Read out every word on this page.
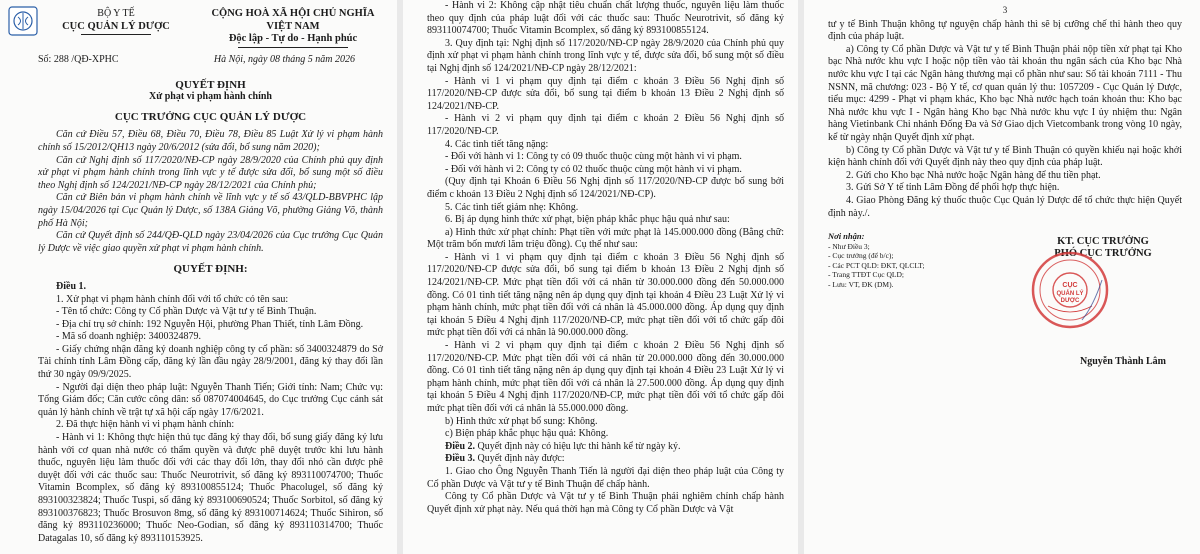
BỘ Y TẾ
CỤC QUẢN LÝ DƯỢC
CỘNG HOÀ XÃ HỘI CHỦ NGHĨA VIỆT NAM
Độc lập - Tự do - Hạnh phúc
Số: 288 /QĐ-XPHC	Hà Nội, ngày 08 tháng 5 năm 2026
QUYẾT ĐỊNH
Xử phạt vi phạm hành chính
CỤC TRƯỞNG CỤC QUẢN LÝ DƯỢC

Căn cứ Điều 57, Điều 68, Điều 70, Điều 78, Điều 85 Luật Xử lý vi phạm hành chính số 15/2012/QH13 ngày 20/6/2012 (sửa đổi, bổ sung năm 2020);

Căn cứ Nghị định số 117/2020/NĐ-CP ngày 28/9/2020 của Chính phủ quy định xử phạt vi phạm hành chính trong lĩnh vực y tế được sửa đổi, bổ sung một số điều theo Nghị định số 124/2021/NĐ-CP ngày 28/12/2021 của Chính phủ;

Căn cứ Biên bản vi phạm hành chính về lĩnh vực y tế số 43/QLD-BBVPHC lập ngày 15/04/2026 tại Cục Quản lý Dược, số 138A Giảng Võ, phường Giảng Võ, thành phố Hà Nội;

Căn cứ Quyết định số 244/QĐ-QLD ngày 23/04/2026 của Cục trưởng Cục Quản lý Dược về việc giao quyền xử phạt vi phạm hành chính.

QUYẾT ĐỊNH:

Điều 1.

1. Xử phạt vi phạm hành chính đối với tổ chức có tên sau:

- Tên tổ chức: Công ty Cổ phần Dược và Vật tư y tế Bình Thuận.

- Địa chỉ trụ sở chính: 192 Nguyễn Hội, phường Phan Thiết, tỉnh Lâm Đồng.

- Mã số doanh nghiệp: 3400324879.

- Giấy chứng nhận đăng ký doanh nghiệp công ty cổ phần: số 3400324879 do Sở Tài chính tỉnh Lâm Đồng cấp, đăng ký lần đầu ngày 28/9/2001, đăng ký thay đổi lần thứ 30 ngày 09/9/2025.

- Người đại diện theo pháp luật: Nguyễn Thanh Tiến; Giới tính: Nam; Chức vụ: Tổng Giám đốc; Căn cước công dân: số 087074004645, do Cục trưởng Cục cảnh sát quản lý hành chính về trật tự xã hội cấp ngày 17/6/2021.

2. Đã thực hiện hành vi vi phạm hành chính:

- Hành vi 1: Không thực hiện thủ tục đăng ký thay đổi, bổ sung giấy đăng ký lưu hành với cơ quan nhà nước có thẩm quyền và được phê duyệt trước khi lưu hành thuốc, nguyên liệu làm thuốc đối với các thay đổi lớn, thay đổi nhỏ cần được phê duyệt đối với các thuốc sau: Thuốc Neurotrivit, số đăng ký 893110074700; Thuốc Vitamin Bcomplex, số đăng ký 893100855124; Thuốc Phacolugel, số đăng ký 893100323824; Thuốc Tuspi, số đăng ký 893100690524; Thuốc Sorbitol, số đăng ký 893100376823; Thuốc Brosuvon 8mg, số đăng ký 893100714624; Thuốc Sihiron, số đăng ký 893110236000; Thuốc Neo-Godian, số đăng ký 893110314700; Thuốc Datagalas 10, số đăng ký 893110153925.

- Hành vi 2: Không cập nhật tiêu chuẩn chất lượng thuốc, nguyên liệu làm thuốc theo quy định của pháp luật đối với các thuốc sau: Thuốc Neurotrivit, số đăng ký 893110074700; Thuốc Vitamin Bcomplex, số đăng ký 893100855124.

3. Quy định tại: Nghị định số 117/2020/NĐ-CP ngày 28/9/2020 của Chính phủ quy định xử phạt vi phạm hành chính trong lĩnh vực y tế, được sửa đổi, bổ sung một số điều tại Nghị định số 124/2021/NĐ-CP ngày 28/12/2021:

- Hành vi 1 vi phạm quy định tại điểm c khoản 3 Điều 56 Nghị định số 117/2020/NĐ-CP được sửa đổi, bổ sung tại điểm b khoản 13 Điều 2 Nghị định số 124/2021/NĐ-CP.

- Hành vi 2 vi phạm quy định tại điểm c khoản 2 Điều 56 Nghị định số 117/2020/NĐ-CP.

4. Các tình tiết tăng nặng:

- Đối với hành vi 1: Công ty có 09 thuốc thuộc cùng một hành vi vi phạm.

- Đối với hành vi 2: Công ty có 02 thuốc thuộc cùng một hành vi vi phạm.

(Quy định tại Khoản 6 Điều 56 Nghị định số 117/2020/NĐ-CP được bổ sung bởi điểm c khoản 13 Điều 2 Nghị định số 124/2021/NĐ-CP).

5. Các tình tiết giảm nhẹ: Không.

6. Bị áp dụng hình thức xử phạt, biện pháp khắc phục hậu quả như sau:

a) Hình thức xử phạt chính: Phạt tiền với mức phạt là 145.000.000 đồng (Bằng chữ: Một trăm bốn mươi lăm triệu đồng). Cụ thể như sau:

- Hành vi 1 vi phạm quy định tại điểm c khoản 3 Điều 56 Nghị định số 117/2020/NĐ-CP được sửa đổi, bổ sung tại điểm b khoản 13 Điều 2 Nghị định số 124/2021/NĐ-CP. Mức phạt tiền đối với cá nhân từ 30.000.000 đồng đến 50.000.000 đồng. Có 01 tình tiết tăng nặng nên áp dụng quy định tại khoản 4 Điều 23 Luật Xử lý vi phạm hành chính, mức phạt tiền đối với cá nhân là 45.000.000 đồng. Áp dụng quy định tại khoản 5 Điều 4 Nghị định 117/2020/NĐ-CP, mức phạt tiền đối với tổ chức gấp đôi mức phạt tiền đối với cá nhân là 90.000.000 đồng.

- Hành vi 2 vi phạm quy định tại điểm c khoản 2 Điều 56 Nghị định số 117/2020/NĐ-CP. Mức phạt tiền đối với cá nhân từ 20.000.000 đồng đến 30.000.000 đồng. Có 01 tình tiết tăng nặng nên áp dụng quy định tại khoản 4 Điều 23 Luật Xử lý vi phạm hành chính, mức phạt tiền đối với cá nhân là 27.500.000 đồng. Áp dụng quy định tại khoản 5 Điều 4 Nghị định 117/2020/NĐ-CP, mức phạt tiền đối với tổ chức gấp đôi mức phạt tiền đối với cá nhân là 55.000.000 đồng.

b) Hình thức xử phạt bổ sung: Không.

c) Biện pháp khắc phục hậu quả: Không.

Điều 2. Quyết định này có hiệu lực thi hành kể từ ngày ký.

Điều 3. Quyết định này được:

1. Giao cho Ông Nguyễn Thanh Tiến là người đại diện theo pháp luật của Công ty Cổ phần Dược và Vật tư y tế Bình Thuận để chấp hành.

Công ty Cổ phần Dược và Vật tư y tế Bình Thuận phải nghiêm chỉnh chấp hành Quyết định xử phạt này. Nếu quá thời hạn mà Công ty Cổ phần Dược và Vật

3

tư y tế Bình Thuận không tự nguyện chấp hành thì sẽ bị cưỡng chế thi hành theo quy định của pháp luật.

a) Công ty Cổ phần Dược và Vật tư y tế Bình Thuận phải nộp tiền xử phạt tại Kho bạc Nhà nước khu vực I hoặc nộp tiền vào tài khoản thu ngân sách của Kho bạc Nhà nước khu vực I tại các Ngân hàng thương mại cổ phần như sau: Số tài khoản 7111 - Thu NSNN, mã chương: 023 - Bộ Y tế, cơ quan quản lý thu: 1057209 - Cục Quản lý Dược, tiểu mục: 4299 - Phạt vi phạm khác, Kho bạc Nhà nước hạch toán khoản thu: Kho bạc Nhà nước khu vực I - Ngân hàng Kho bạc Nhà nước khu vực I ủy nhiệm thu: Ngân hàng Vietinbank Chi nhánh Đống Đa và Sở Giao dịch Vietcombank trong vòng 10 ngày, kể từ ngày nhận Quyết định xử phạt.

b) Công ty Cổ phần Dược và Vật tư y tế Bình Thuận có quyền khiếu nại hoặc khởi kiện hành chính đối với Quyết định này theo quy định của pháp luật.

2. Gửi cho Kho bạc Nhà nước hoặc Ngân hàng để thu tiền phạt.

3. Gửi Sở Y tế tỉnh Lâm Đồng để phối hợp thực hiện.

4. Giao Phòng Đăng ký thuốc thuộc Cục Quản lý Dược để tổ chức thực hiện Quyết định này./.

Nơi nhận:
- Như Điều 3;
- Cục trưởng (để b/c);
- Các PCT QLD: ĐKT, QLCLT;
- Trang TTĐT Cục QLD;
- Lưu: VT, ĐK (DM).
KT. CỤC TRƯỞNG
PHÓ CỤC TRƯỞNG
CỤC
QUẢN LÝ
DƯỢC
Nguyễn Thành Lâm
